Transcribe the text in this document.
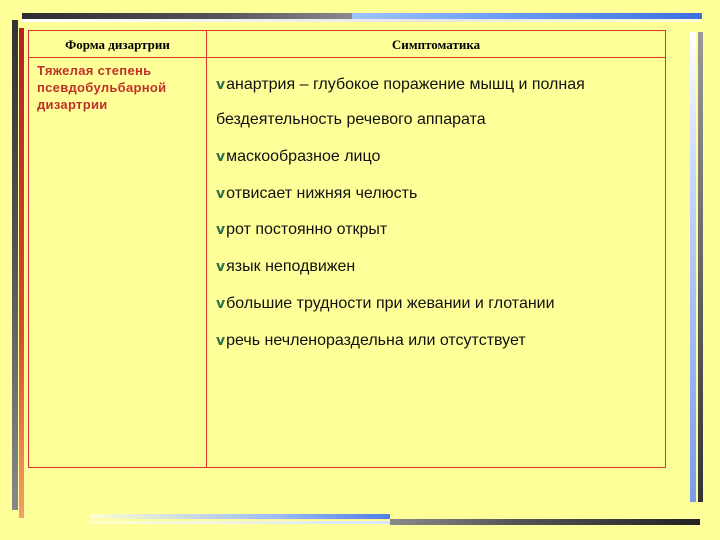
Форма дизартрии	Симптоматика

Тяжелая степень псевдобульбарной дизартрии

vанартрия – глубокое поражение мышц и полная
бездеятельность речевого аппарата
vмаскообразное лицо
vотвисает нижняя челюсть
vрот постоянно открыт
vязык неподвижен
vбольшие трудности при жевании и глотании
vречь нечленораздельна или отсутствует
